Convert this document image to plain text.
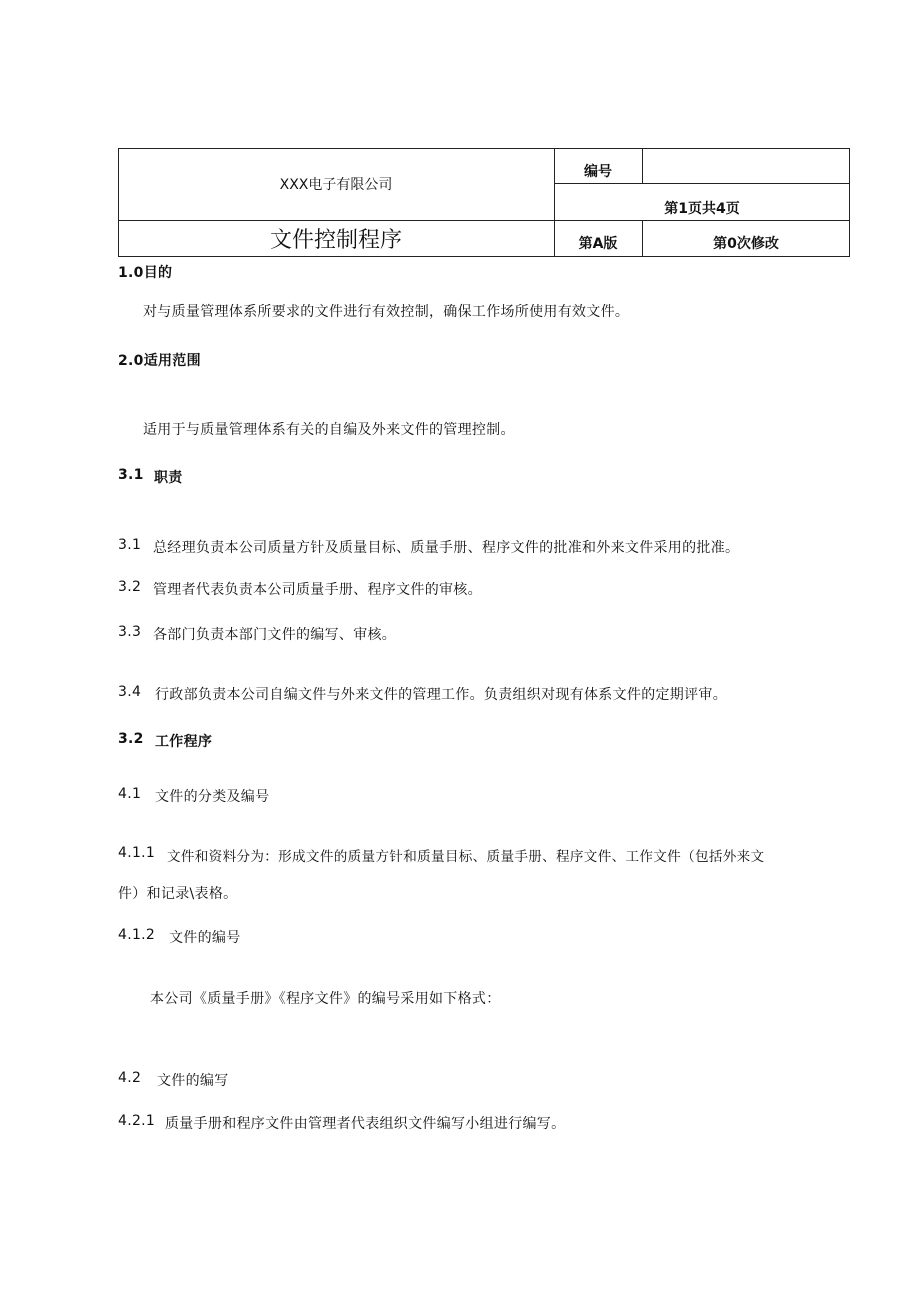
XXX电子有限公司
文件控制程序
编号
第1页共4页
第A版	第0次修改
1.0目的
对与质量管理体系所要求的文件进行有效控制，确保工作场所使用有效文件。
2.0适用范围
适用于与质量管理体系有关的自编及外来文件的管理控制。
3.1 职责
3.1 总经理负责本公司质量方针及质量目标、质量手册、程序文件的批准和外来文件采用的批准。
3.2 管理者代表负责本公司质量手册、程序文件的审核。
3.3 各部门负责本部门文件的编写、审核。
3.4 行政部负责本公司自编文件与外来文件的管理工作。负责组织对现有体系文件的定期评审。
3.2 工作程序
4.1 文件的分类及编号
4.1.1 文件和资料分为：形成文件的质量方针和质量目标、质量手册、程序文件、工作文件（包括外来文
件）和记录\表格。
4.1.2 文件的编号
本公司《质量手册》《程序文件》的编号采用如下格式：
4.2 文件的编写
4.2.1 质量手册和程序文件由管理者代表组织文件编写小组进行编写。
